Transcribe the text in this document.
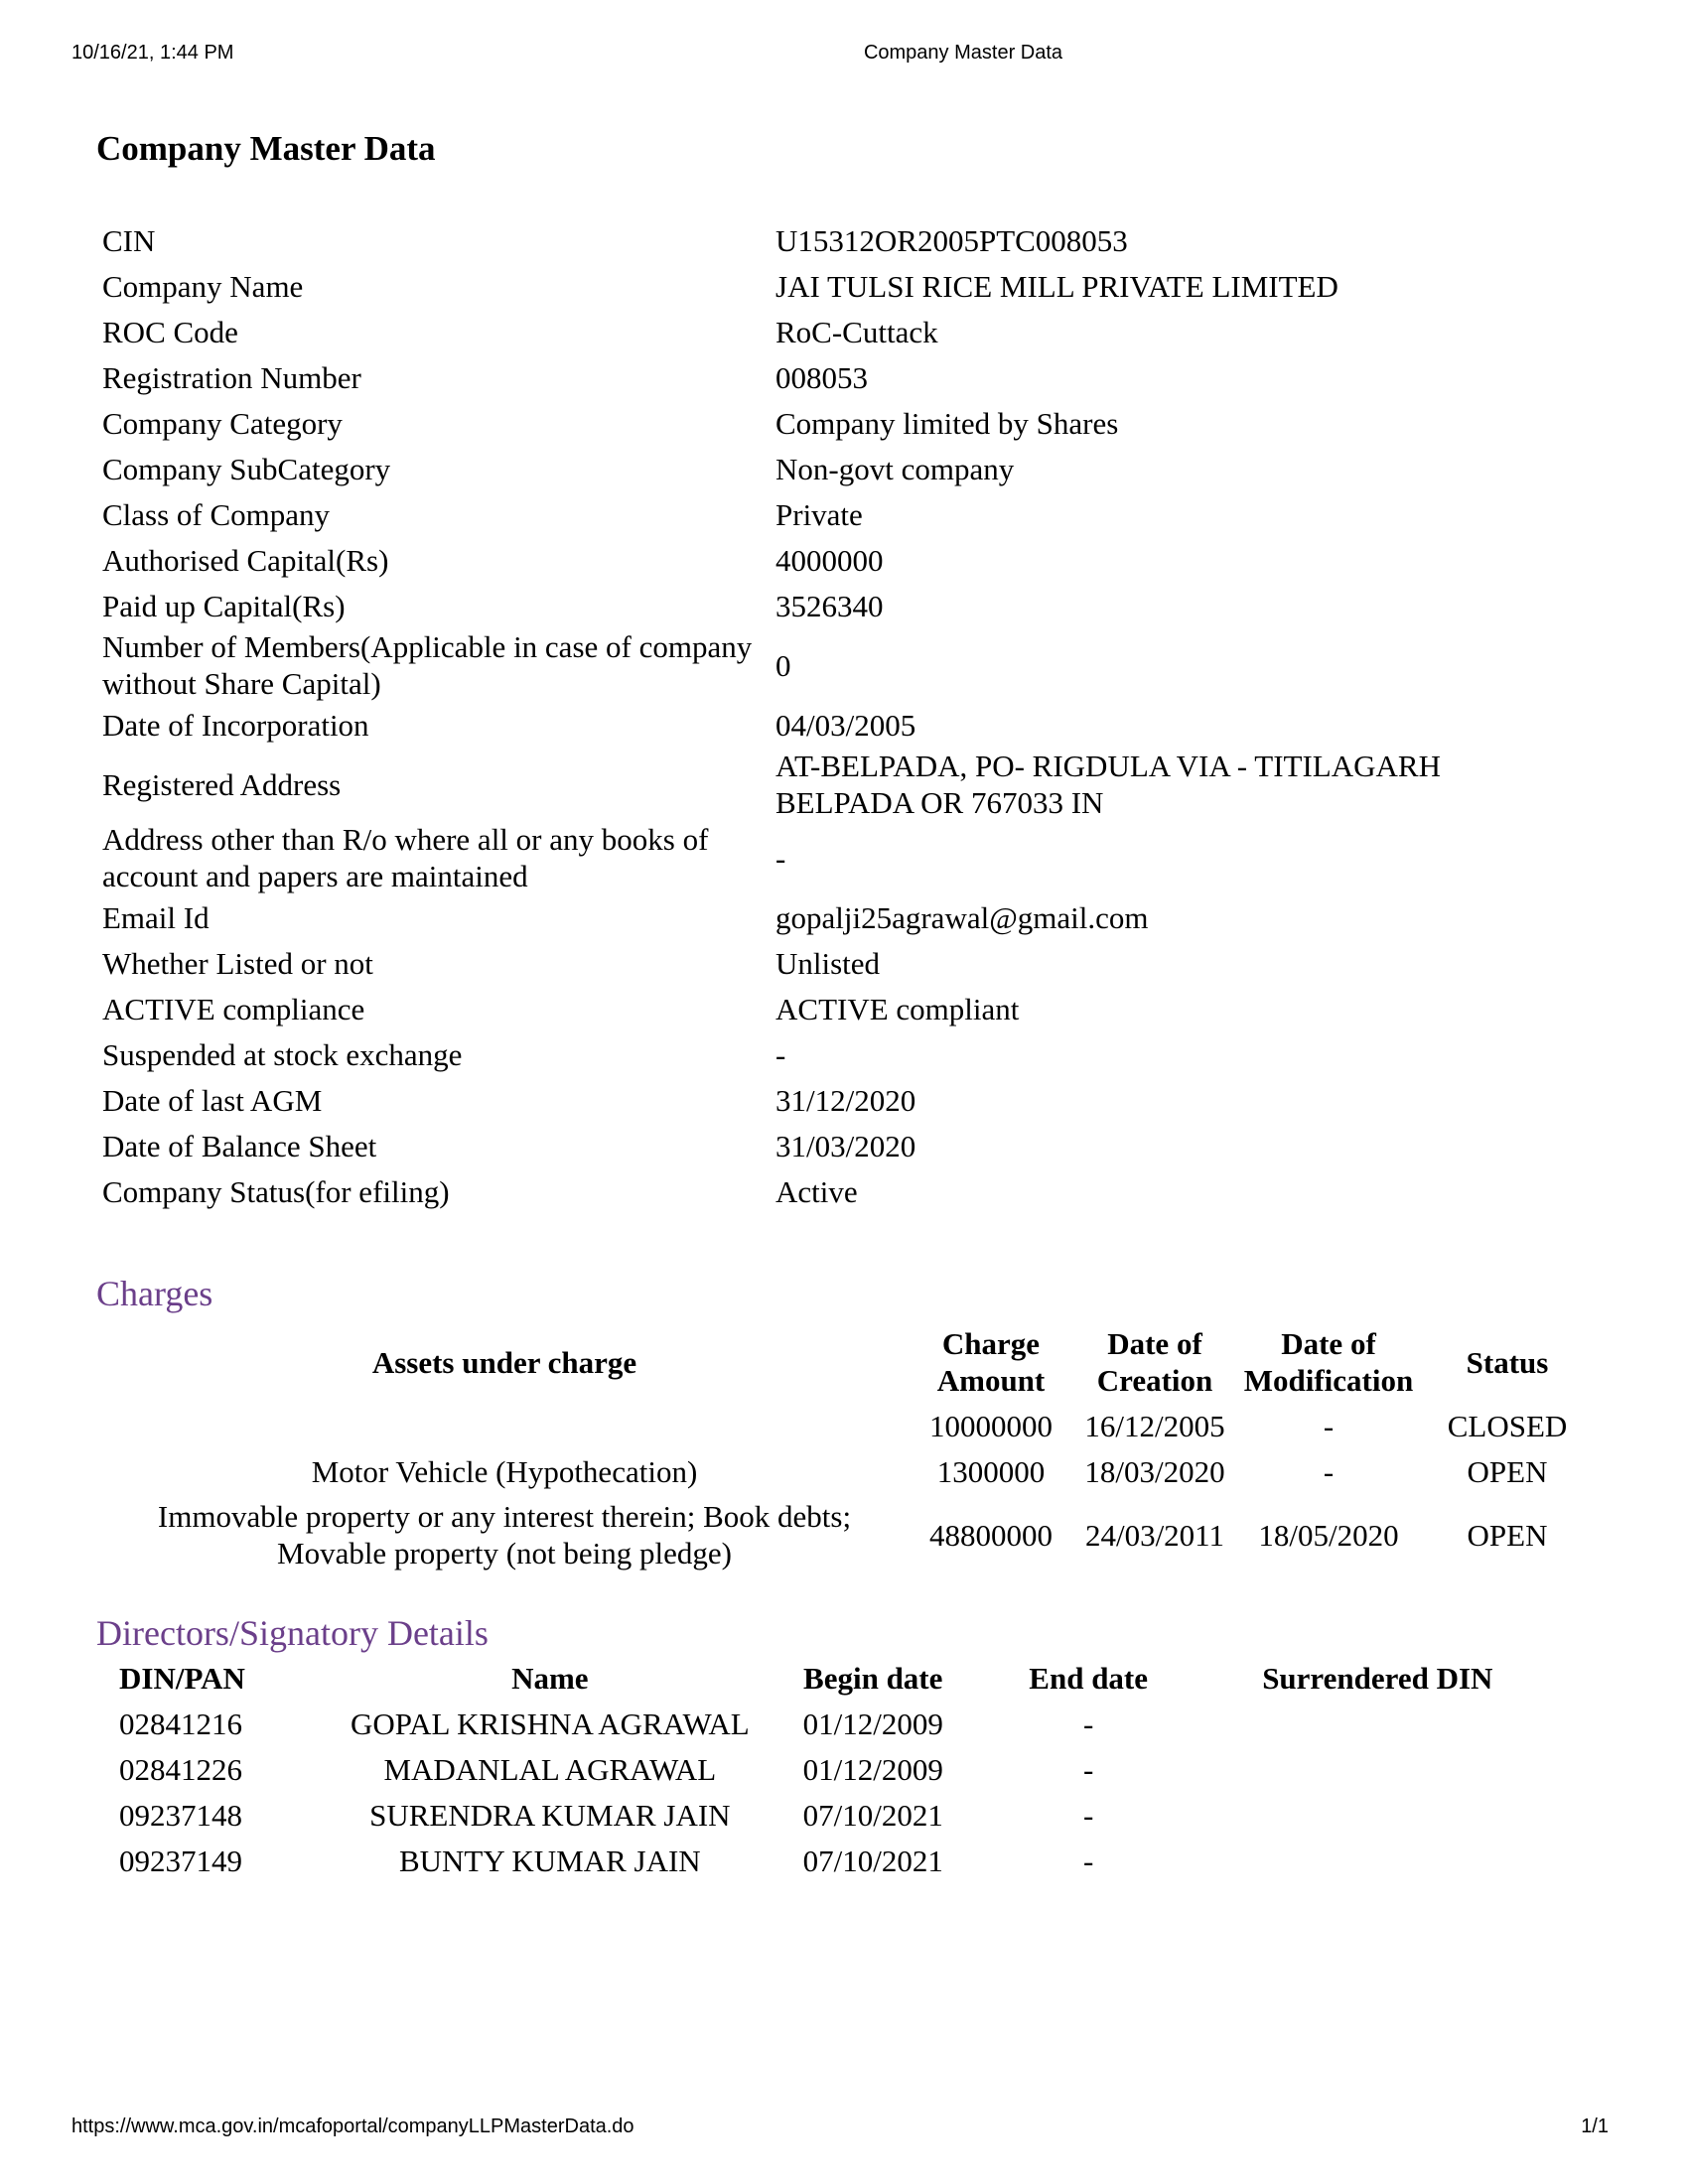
10/16/21, 1:44 PM	Company Master Data
Company Master Data
CIN	U15312OR2005PTC008053
Company Name	JAI TULSI RICE MILL PRIVATE LIMITED
ROC Code	RoC-Cuttack
Registration Number	008053
Company Category	Company limited by Shares
Company SubCategory	Non-govt company
Class of Company	Private
Authorised Capital(Rs)	4000000
Paid up Capital(Rs)	3526340
Number of Members(Applicable in case of company without Share Capital)	0
Date of Incorporation	04/03/2005
Registered Address	AT-BELPADA, PO- RIGDULA VIA - TITILAGARH BELPADA OR 767033 IN
Address other than R/o where all or any books of account and papers are maintained	-
Email Id	gopalji25agrawal@gmail.com
Whether Listed or not	Unlisted
ACTIVE compliance	ACTIVE compliant
Suspended at stock exchange	-
Date of last AGM	31/12/2020
Date of Balance Sheet	31/03/2020
Company Status(for efiling)	Active
Charges
Assets under charge	Charge Amount	Date of Creation	Date of Modification	Status
	10000000	16/12/2005	-	CLOSED
Motor Vehicle (Hypothecation)	1300000	18/03/2020	-	OPEN
Immovable property or any interest therein; Book debts; Movable property (not being pledge)	48800000	24/03/2011	18/05/2020	OPEN
Directors/Signatory Details
DIN/PAN	Name	Begin date	End date	Surrendered DIN
02841216	GOPAL KRISHNA AGRAWAL	01/12/2009	-	
02841226	MADANLAL AGRAWAL	01/12/2009	-	
09237148	SURENDRA KUMAR JAIN	07/10/2021	-	
09237149	BUNTY KUMAR JAIN	07/10/2021	-	
https://www.mca.gov.in/mcafoportal/companyLLPMasterData.do	1/1
